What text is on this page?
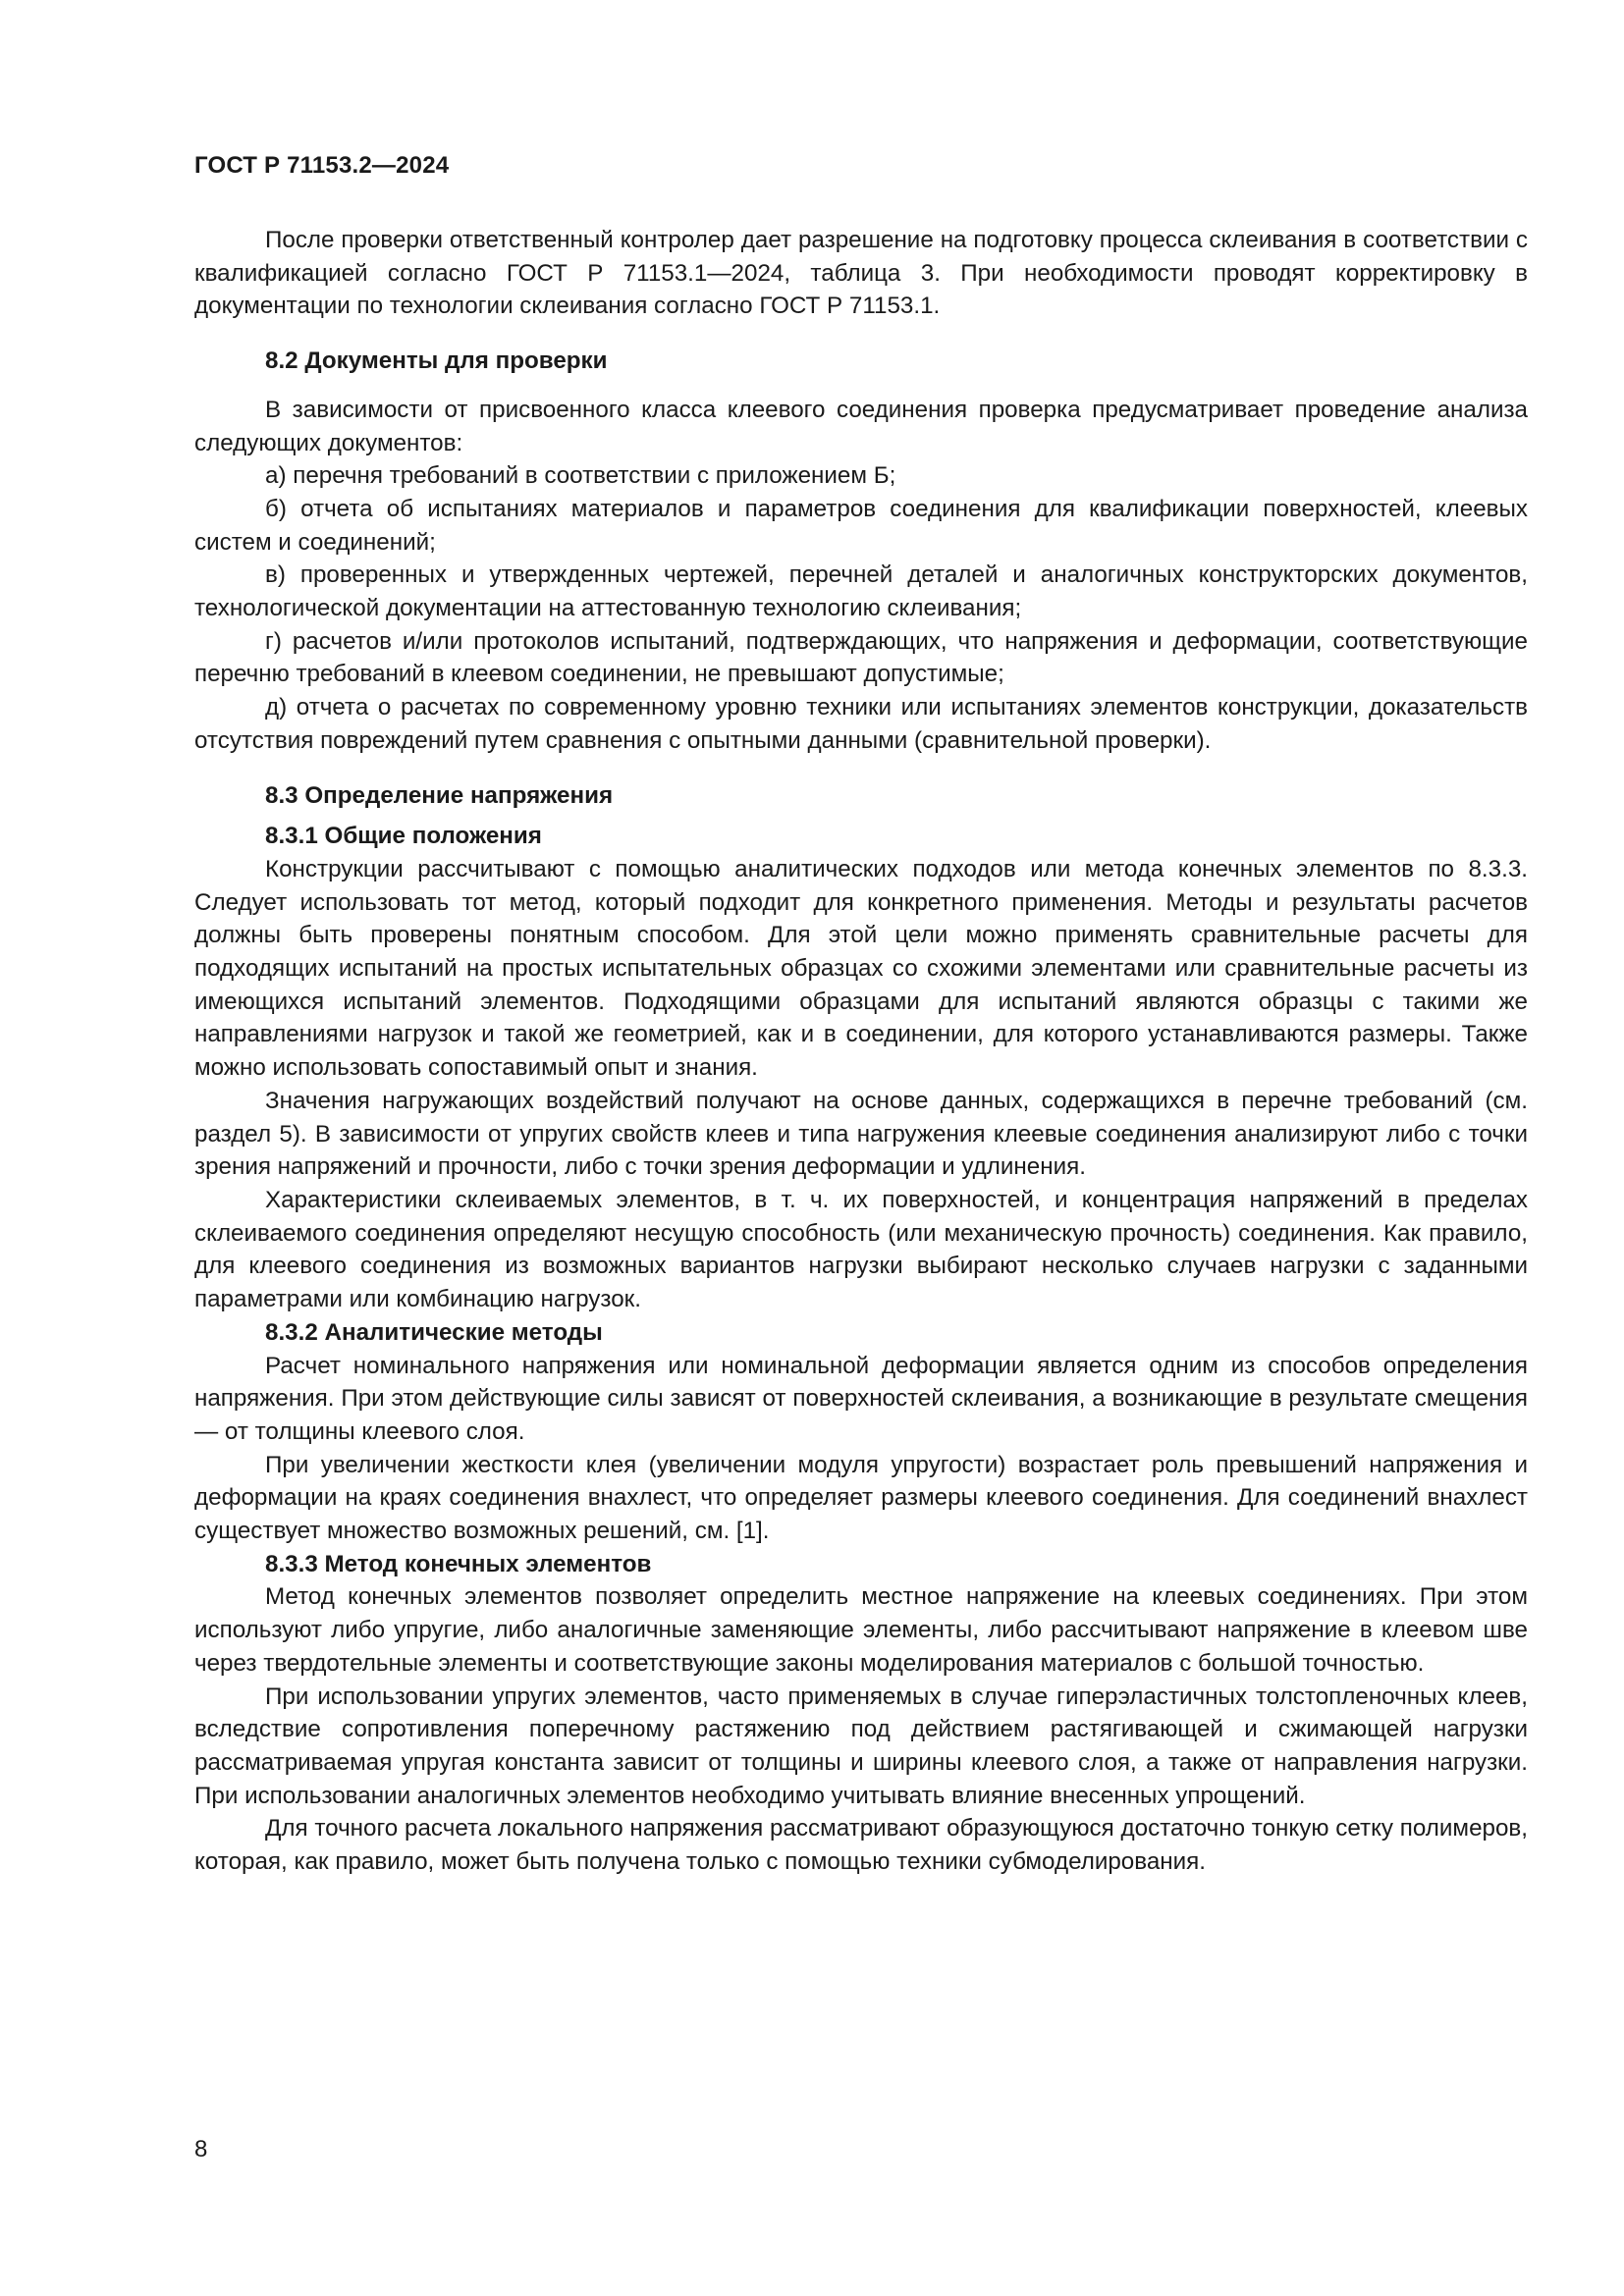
ГОСТ Р 71153.2—2024

После проверки ответственный контролер дает разрешение на подготовку процесса склеивания в соответствии с квалификацией согласно ГОСТ Р 71153.1—2024, таблица 3. При необходимости проводят корректировку в документации по технологии склеивания согласно ГОСТ Р 71153.1.

8.2 Документы для проверки

В зависимости от присвоенного класса клеевого соединения проверка предусматривает проведение анализа следующих документов:

а) перечня требований в соответствии с приложением Б;

б) отчета об испытаниях материалов и параметров соединения для квалификации поверхностей, клеевых систем и соединений;

в) проверенных и утвержденных чертежей, перечней деталей и аналогичных конструкторских документов, технологической документации на аттестованную технологию склеивания;

г) расчетов и/или протоколов испытаний, подтверждающих, что напряжения и деформации, соответствующие перечню требований в клеевом соединении, не превышают допустимые;

д) отчета о расчетах по современному уровню техники или испытаниях элементов конструкции, доказательств отсутствия повреждений путем сравнения с опытными данными (сравнительной проверки).

8.3 Определение напряжения
8.3.1 Общие положения

Конструкции рассчитывают с помощью аналитических подходов или метода конечных элементов по 8.3.3. Следует использовать тот метод, который подходит для конкретного применения. Методы и результаты расчетов должны быть проверены понятным способом. Для этой цели можно применять сравнительные расчеты для подходящих испытаний на простых испытательных образцах со схожими элементами или сравнительные расчеты из имеющихся испытаний элементов. Подходящими образцами для испытаний являются образцы с такими же направлениями нагрузок и такой же геометрией, как и в соединении, для которого устанавливаются размеры. Также можно использовать сопоставимый опыт и знания.

Значения нагружающих воздействий получают на основе данных, содержащихся в перечне требований (см. раздел 5). В зависимости от упругих свойств клеев и типа нагружения клеевые соединения анализируют либо с точки зрения напряжений и прочности, либо с точки зрения деформации и удлинения.

Характеристики склеиваемых элементов, в т. ч. их поверхностей, и концентрация напряжений в пределах склеиваемого соединения определяют несущую способность (или механическую прочность) соединения. Как правило, для клеевого соединения из возможных вариантов нагрузки выбирают несколько случаев нагрузки с заданными параметрами или комбинацию нагрузок.

8.3.2 Аналитические методы

Расчет номинального напряжения или номинальной деформации является одним из способов определения напряжения. При этом действующие силы зависят от поверхностей склеивания, а возникающие в результате смещения — от толщины клеевого слоя.

При увеличении жесткости клея (увеличении модуля упругости) возрастает роль превышений напряжения и деформации на краях соединения внахлест, что определяет размеры клеевого соединения. Для соединений внахлест существует множество возможных решений, см. [1].

8.3.3 Метод конечных элементов

Метод конечных элементов позволяет определить местное напряжение на клеевых соединениях. При этом используют либо упругие, либо аналогичные заменяющие элементы, либо рассчитывают напряжение в клеевом шве через твердотельные элементы и соответствующие законы моделирования материалов с большой точностью.

При использовании упругих элементов, часто применяемых в случае гиперэластичных толстопленочных клеев, вследствие сопротивления поперечному растяжению под действием растягивающей и сжимающей нагрузки рассматриваемая упругая константа зависит от толщины и ширины клеевого слоя, а также от направления нагрузки. При использовании аналогичных элементов необходимо учитывать влияние внесенных упрощений.

Для точного расчета локального напряжения рассматривают образующуюся достаточно тонкую сетку полимеров, которая, как правило, может быть получена только с помощью техники субмоделирования.

8
